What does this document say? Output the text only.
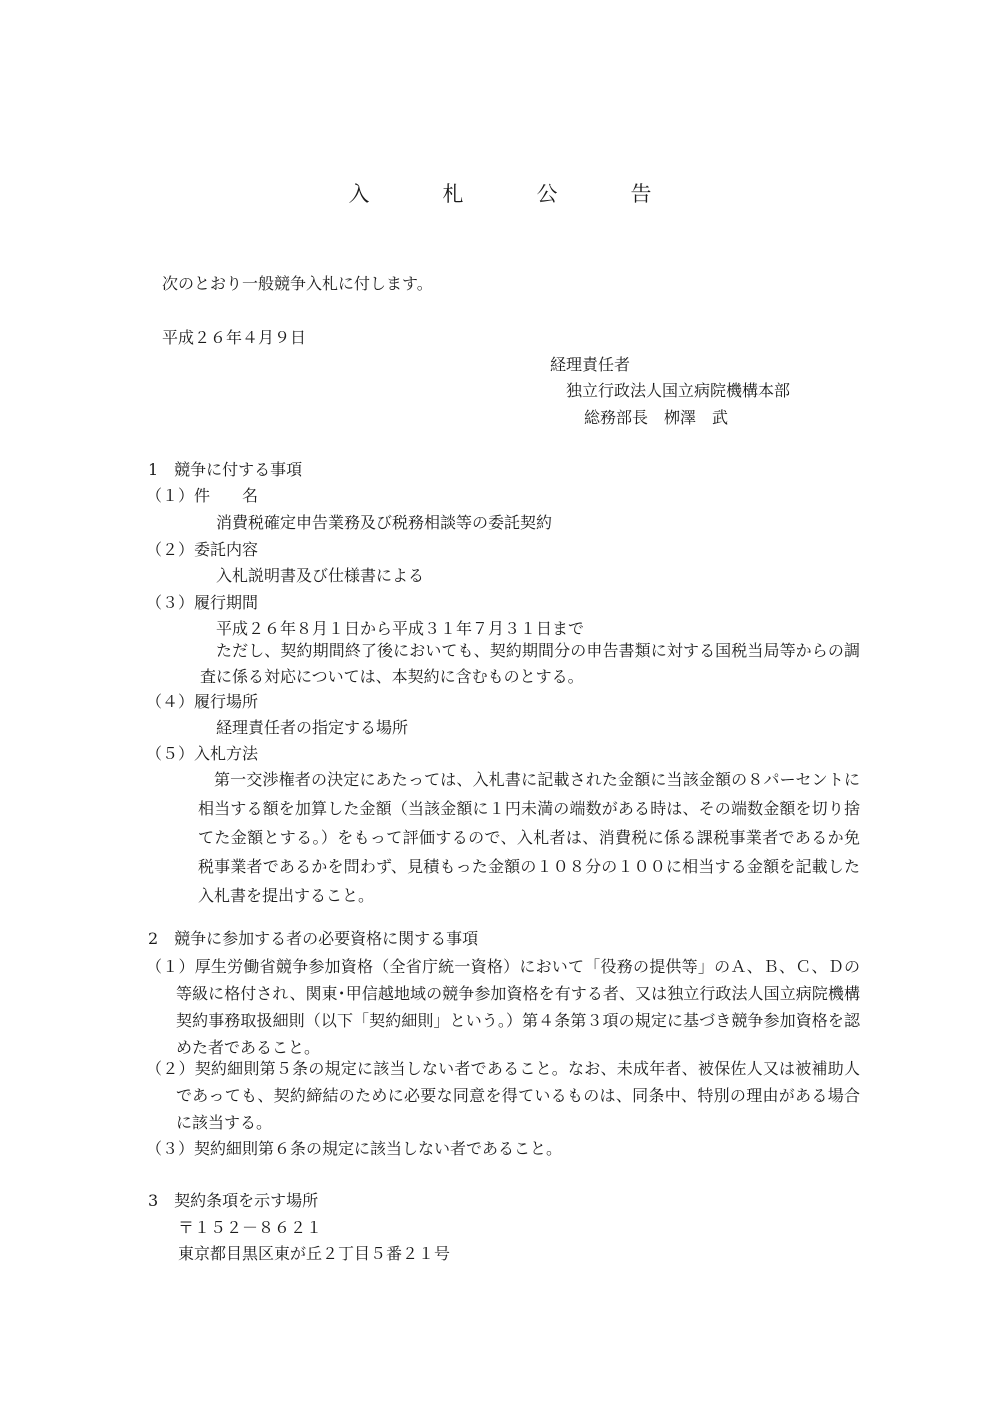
入　札　公　告
次のとおり一般競争入札に付します。
平成２６年４月９日
経理責任者
独立行政法人国立病院機構本部
総務部長　栁澤　武
1　競争に付する事項
（１）件　　名
消費税確定申告業務及び税務相談等の委託契約
（２）委託内容
入札説明書及び仕様書による
（３）履行期間
平成２６年８月１日から平成３１年７月３１日まで
ただし、契約期間終了後においても、契約期間分の申告書類に対する国税当局等からの調査に係る対応については、本契約に含むものとする。
（４）履行場所
経理責任者の指定する場所
（５）入札方法
第一交渉権者の決定にあたっては、入札書に記載された金額に当該金額の８パーセントに相当する額を加算した金額（当該金額に１円未満の端数がある時は、その端数金額を切り捨てた金額とする。）をもって評価するので、入札者は、消費税に係る課税事業者であるか免税事業者であるかを問わず、見積もった金額の１０８分の１００に相当する金額を記載した入札書を提出すること。
2　競争に参加する者の必要資格に関する事項
（１）厚生労働省競争参加資格（全省庁統一資格）において「役務の提供等」のＡ、Ｂ、Ｃ、Ｄの等級に格付され、関東･甲信越地域の競争参加資格を有する者、又は独立行政法人国立病院機構契約事務取扱細則（以下「契約細則」という。）第４条第３項の規定に基づき競争参加資格を認めた者であること。
（２）契約細則第５条の規定に該当しない者であること。なお、未成年者、被保佐人又は被補助人であっても、契約締結のために必要な同意を得ているものは、同条中、特別の理由がある場合に該当する。
（３）契約細則第６条の規定に該当しない者であること。
3　契約条項を示す場所
〒１５２－８６２１
東京都目黒区東が丘２丁目５番２１号
